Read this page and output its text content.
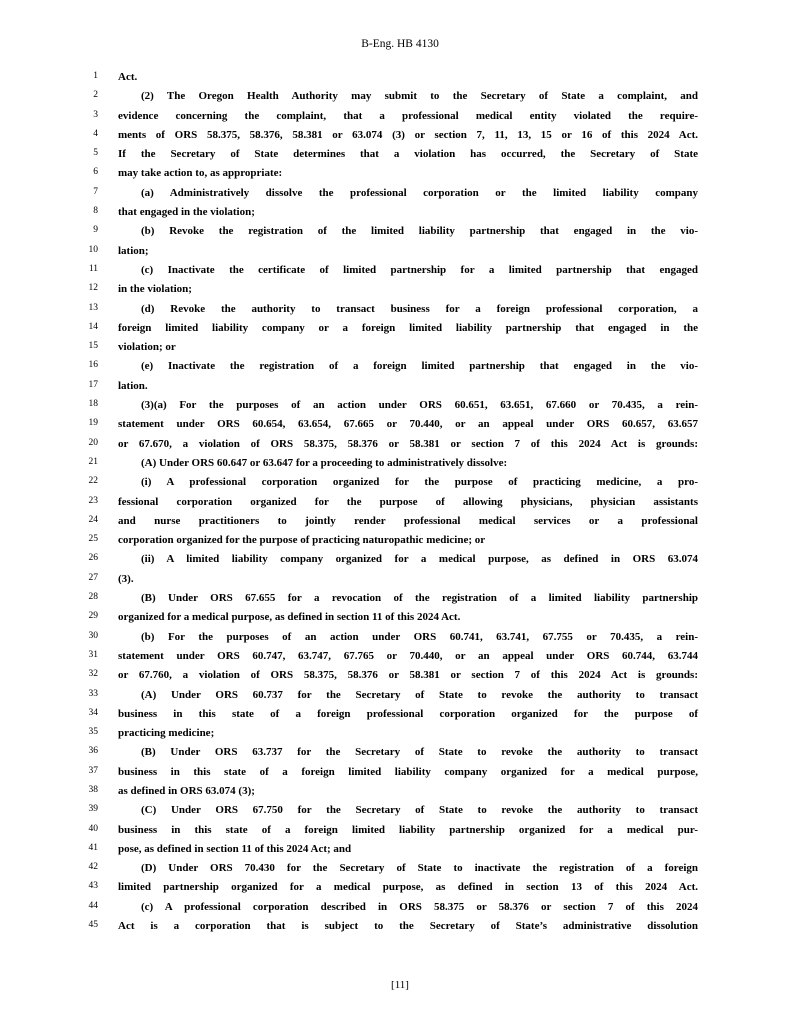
B-Eng. HB 4130
1 Act.
2	(2) The Oregon Health Authority may submit to the Secretary of State a complaint, and
3 evidence concerning the complaint, that a professional medical entity violated the require-
4 ments of ORS 58.375, 58.376, 58.381 or 63.074 (3) or section 7, 11, 13, 15 or 16 of this 2024 Act.
5 If the Secretary of State determines that a violation has occurred, the Secretary of State
6 may take action to, as appropriate:
7	(a) Administratively dissolve the professional corporation or the limited liability company
8 that engaged in the violation;
9	(b) Revoke the registration of the limited liability partnership that engaged in the vio-
10 lation;
11	(c) Inactivate the certificate of limited partnership for a limited partnership that engaged
12 in the violation;
13	(d) Revoke the authority to transact business for a foreign professional corporation, a
14 foreign limited liability company or a foreign limited liability partnership that engaged in the
15 violation; or
16	(e) Inactivate the registration of a foreign limited partnership that engaged in the vio-
17 lation.
18	(3)(a) For the purposes of an action under ORS 60.651, 63.651, 67.660 or 70.435, a rein-
19 statement under ORS 60.654, 63.654, 67.665 or 70.440, or an appeal under ORS 60.657, 63.657
20 or 67.670, a violation of ORS 58.375, 58.376 or 58.381 or section 7 of this 2024 Act is grounds:
21	(A) Under ORS 60.647 or 63.647 for a proceeding to administratively dissolve:
22	(i) A professional corporation organized for the purpose of practicing medicine, a pro-
23 fessional corporation organized for the purpose of allowing physicians, physician assistants
24 and nurse practitioners to jointly render professional medical services or a professional
25 corporation organized for the purpose of practicing naturopathic medicine; or
26	(ii) A limited liability company organized for a medical purpose, as defined in ORS 63.074
27 (3).
28	(B) Under ORS 67.655 for a revocation of the registration of a limited liability partnership
29 organized for a medical purpose, as defined in section 11 of this 2024 Act.
30	(b) For the purposes of an action under ORS 60.741, 63.741, 67.755 or 70.435, a rein-
31 statement under ORS 60.747, 63.747, 67.765 or 70.440, or an appeal under ORS 60.744, 63.744
32 or 67.760, a violation of ORS 58.375, 58.376 or 58.381 or section 7 of this 2024 Act is grounds:
33	(A) Under ORS 60.737 for the Secretary of State to revoke the authority to transact
34 business in this state of a foreign professional corporation organized for the purpose of
35 practicing medicine;
36	(B) Under ORS 63.737 for the Secretary of State to revoke the authority to transact
37 business in this state of a foreign limited liability company organized for a medical purpose,
38 as defined in ORS 63.074 (3);
39	(C) Under ORS 67.750 for the Secretary of State to revoke the authority to transact
40 business in this state of a foreign limited liability partnership organized for a medical pur-
41 pose, as defined in section 11 of this 2024 Act; and
42	(D) Under ORS 70.430 for the Secretary of State to inactivate the registration of a foreign
43 limited partnership organized for a medical purpose, as defined in section 13 of this 2024 Act.
44	(c) A professional corporation described in ORS 58.375 or 58.376 or section 7 of this 2024
45 Act is a corporation that is subject to the Secretary of State’s administrative dissolution
[11]
